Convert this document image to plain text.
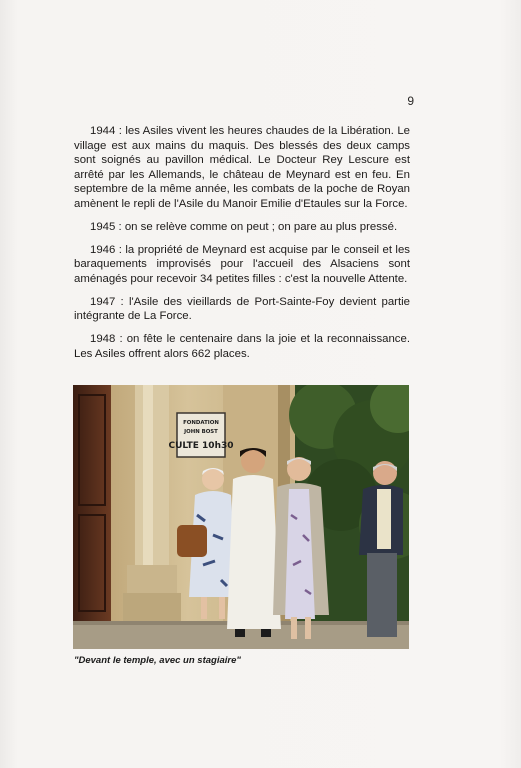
9

1944 : les Asiles vivent les heures chaudes de la Libération. Le village est aux mains du maquis. Des blessés des deux camps sont soignés au pavillon médical. Le Docteur Rey Lescure est arrêté par les Allemands, le château de Meynard est en feu. En septembre de la même année, les combats de la poche de Royan amènent le repli de l'Asile du Manoir Emilie d'Etaules sur la Force.

1945 : on se relève comme on peut ; on pare au plus pressé.

1946 : la propriété de Meynard est acquise par le conseil et les baraquements improvisés pour l'accueil des Alsaciens sont aménagés pour recevoir 34 petites filles : c'est la nouvelle Attente.

1947 : l'Asile des vieillards de Port-Sainte-Foy devient partie intégrante de La Force.

1948 : on fête le centenaire dans la joie et la reconnaissance. Les Asiles offrent alors 662 places.

FONDATION
JOHN BOST
CULTE 10h30
"Devant le temple, avec un stagiaire"
